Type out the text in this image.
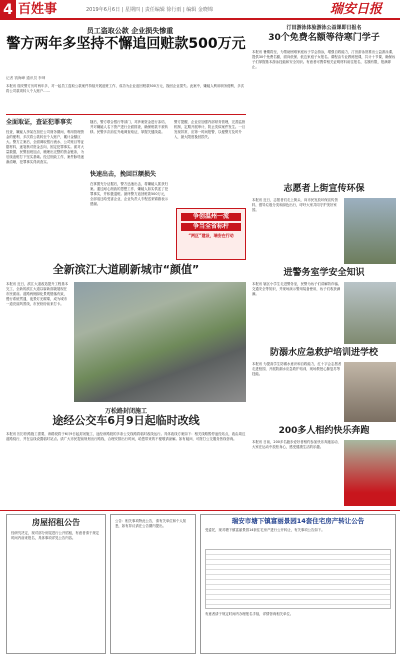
4 百姓事	2019年6月6日 | 星期四 | 责任编辑 徐行雨 | 编辑 金晓锦	瑞安日报
员工盗取公款 企业损失惨重
警方两年多坚持不懈追回赃款500万元
记者 钱海峰 通讯员 李坤
本报讯 瑞安警方历时两年多，对一起员工盗取公款案件持续开展追赃工作，成功为企业追回赃款500万元，挽回企业损失。此案中，嫌疑人利用职务便利，多次将公司款项转入个人账户……
全面取证，查证犯罪事实
经查，嫌疑人李某在担任公司财务期间，利用管理资金的便利，多次将公款转至个人账户，累计金额巨大。警方立案后，全面调取银行流水、公司账目等证据材料，逐笔核对资金去向，固定犯罪事实。面对大量数据，民警加班加点，梳理出完整的资金链条，为后续追赃打下坚实基础。经过细致工作，案件脉络逐渐清晰，犯罪事实得到查实。
随后，警方联合银行等部门，对涉案资金进行冻结，并对嫌疑人名下资产进行全面排查，确保赃款不被转移。民警多次前往外地调查取证，掌握关键线索。
快速出击，挽回巨额损失
在掌握充分证据后，警方迅速出击，将嫌疑人抓获归案。通过耐心细致的思想工作，嫌疑人如实供述了犯罪事实，并积极退赃。最终警方追回赃款500万元，全部返还给受害企业，企业负责人专程送来锦旗表示感谢。
警方提醒，企业应加强内部财务管理，完善监督机制，定期开展审计，防止类似案件发生。一旦发现异常，应第一时间报警，以便警方及时介入，最大限度挽回损失。
争创温州一流
争当全省标杆
“两区”建设，瑞安在行动
全新滨江大道刷新城市“颜值”
本报讯 近日，滨江大道改造提升工程基本完工，全新的滨江大道以崭新面貌展现在市民面前。道路两侧绿化景观错落有致，慢行系统贯通，夜景灯光璀璨，成为城市一道亮丽风景线，市民纷纷前来打卡。
万松路封闭施工
途经公交车6月9日起临时改线
本报讯 因万松路施工需要，该路段将于6月9日起封闭施工，途经该路段的多条公交线路将临时改线运行。具体改线方案如下：相关线路暂停途经站点，改由周边道路绕行，并在沿线设置临时站点。请广大市民提前规划出行路线，合理安排出行时间，给您带来的不便敬请谅解。如有疑问，可拨打公交服务热线咨询。
汀田游泳体验游泳公益课即日报名
30个免费名额等待寒门学子
本报讯 暑期将至，为帮助困难家庭孩子学会游泳，增强自救能力，汀田游泳馆推出公益游泳课，提供30个免费名额，面向低保、低边家庭子女报名。课程由专业教练授课，共计十节课，确保孩子们掌握基本游泳技能和安全知识。有意者可携带相关证明材料前往报名，名额有限，报满即止。
志愿者上街宣传环保
本报讯 近日，志愿者们走上街头，向市民发放环保宣传资料，倡导垃圾分类和绿色出行，呼吁大家共同守护美好家园。
进警务室学安全知识
本报讯 辖区小学生走进警务室，民警为孩子们讲解防诈骗、交通安全等知识，并现场演示警用装备使用，孩子们收获满满。
防溺水应急救护培训进学校
本报讯 为提高学生防溺水意识和自救能力，红十字会志愿者走进校园，开展防溺水应急救护培训，现场教授心肺复苏等技能。
200多人相约快乐奔跑
本报讯 日前，200多名跑步爱好者相约参加快乐奔跑活动，大家在运动中放松身心，感受健康生活的乐趣。
房屋招租公告
经研究决定，现对部分房屋进行公开招租，有意者请于规定时间内前来报名，具体事项详见公告内容。
公告：相关事项特此公告，请有关单位和个人知悉，如有异议请在公告期内提出。
瑞安市塘下镇富丽景园14套住宅房产转让公告
受委托，现对塘下镇富丽景园14套住宅房产进行公开转让，有关事项公告如下。
有意者请于规定时间内办理报名手续，详情咨询相关单位。
